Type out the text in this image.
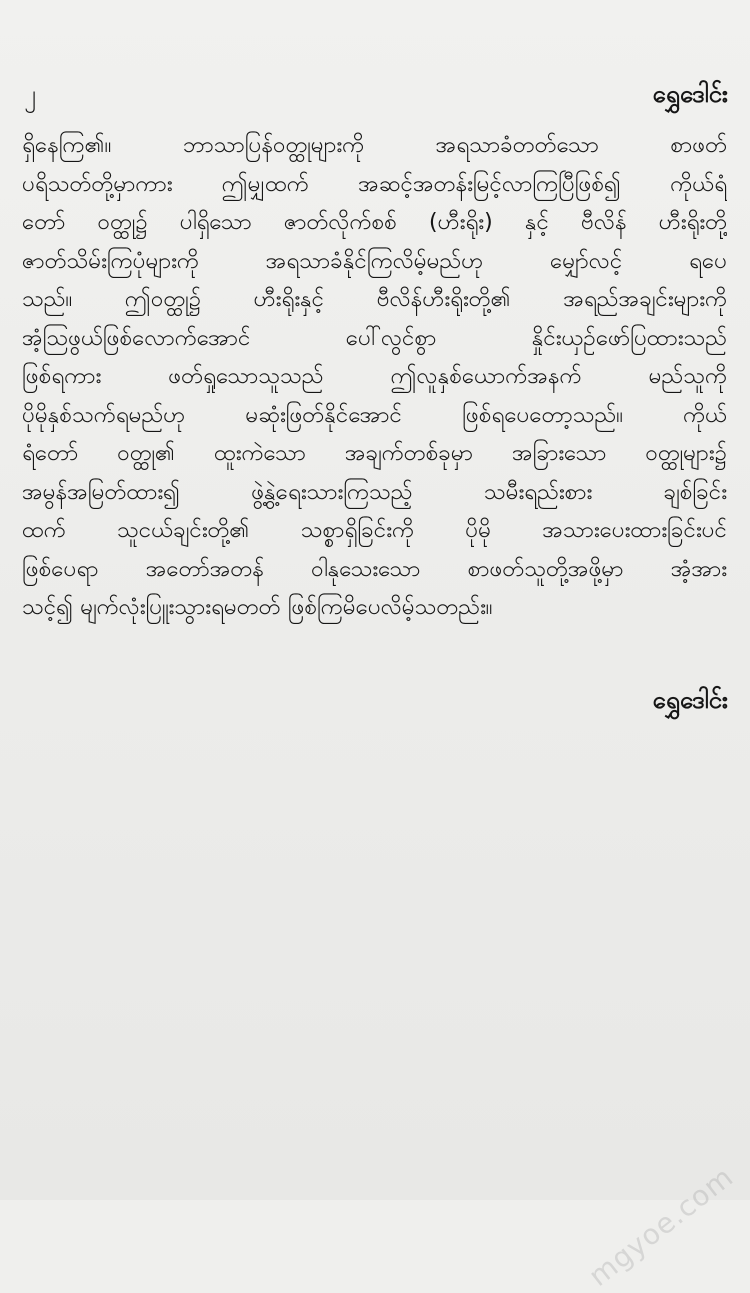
၂	ရွှေဒေါင်း
ရှိနေကြ၏။ ဘာသာပြန်ဝတ္ထုများကို အရသာခံတတ်သော စာဖတ်
ပရိသတ်တို့မှာကား ဤမျှထက် အဆင့်အတန်းမြင့်လာကြပြီဖြစ်၍ ကိုယ်ရံ
တော် ဝတ္ထု၌ ပါရှိသော ဇာတ်လိုက်စစ် (ဟီးရိုး) နှင့် ဗီလိန် ဟီးရိုးတို့
ဇာတ်သိမ်းကြပုံများကို အရသာခံနိုင်ကြလိမ့်မည်ဟု မျှော်လင့် ရပေ
သည်။ ဤဝတ္ထု၌ ဟီးရိုးနှင့် ဗီလိန်ဟီးရိုးတို့၏ အရည်အချင်းများကို
အံ့သြဖွယ်ဖြစ်လောက်အောင် ပေါ်လွင်စွာ နှိုင်းယှဉ်ဖော်ပြထားသည်
ဖြစ်ရကား ဖတ်ရှုသောသူသည် ဤလူနှစ်ယောက်အနက် မည်သူကို
ပိုမိုနှစ်သက်ရမည်ဟု မဆုံးဖြတ်နိုင်အောင် ဖြစ်ရပေတော့သည်။ ကိုယ်
ရံတော် ဝတ္ထု၏ ထူးကဲသော အချက်တစ်ခုမှာ အခြားသော ဝတ္ထုများ၌
အမွန်အမြတ်ထား၍ ဖွဲ့နွဲ့ရေးသားကြသည့် သမီးရည်းစား ချစ်ခြင်း
ထက် သူငယ်ချင်းတို့၏ သစ္စာရှိခြင်းကို ပိုမို အသားပေးထားခြင်းပင်
ဖြစ်ပေရာ အတော်အတန် ဝါနုသေးသော စာဖတ်သူတို့အဖို့မှာ အံ့အား
သင့်၍ မျက်လုံးပြူးသွားရမတတ် ဖြစ်ကြမိပေလိမ့်သတည်း။
ရွှေဒေါင်း
mgyoe.com
